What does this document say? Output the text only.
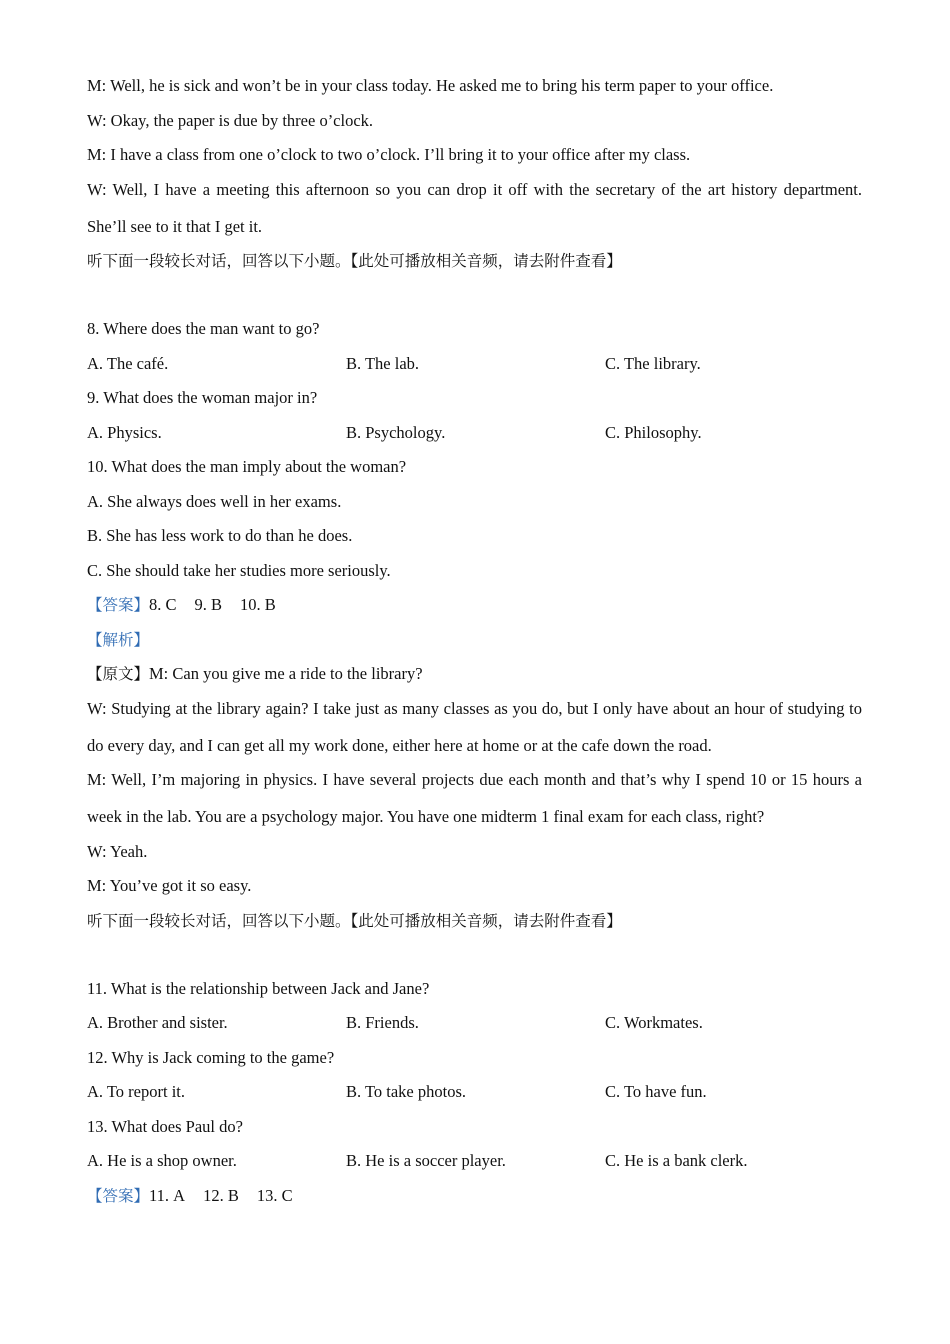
M: Well, he is sick and won’t be in your class today. He asked me to bring his term paper to your office.

W: Okay, the paper is due by three o’clock.

M: I have a class from one o’clock to two o’clock. I’ll bring it to your office after my class.

W: Well, I have a meeting this afternoon so you can drop it off with the secretary of the art history department.

She’ll see to it that I get it.

听下面一段较长对话，回答以下小题。【此处可播放相关音频，请去附件查看】

8. Where does the man want to go?

A. The café.	B. The lab.	C. The library.

9. What does the woman major in?

A. Physics.	B. Psychology.	C. Philosophy.

10. What does the man imply about the woman?

A. She always does well in her exams.

B. She has less work to do than he does.

C. She should take her studies more seriously.

【答案】8. C 9. B 10. B

【解析】

【原文】M: Can you give me a ride to the library?

W: Studying at the library again? I take just as many classes as you do, but I only have about an hour of studying to

do every day, and I can get all my work done, either here at home or at the cafe down the road.

M: Well, I’m majoring in physics. I have several projects due each month and that’s why I spend 10 or 15 hours a

week in the lab. You are a psychology major. You have one midterm 1 final exam for each class, right?

W: Yeah.

M: You’ve got it so easy.

听下面一段较长对话，回答以下小题。【此处可播放相关音频，请去附件查看】

11. What is the relationship between Jack and Jane?

A. Brother and sister.	B. Friends.	C. Workmates.

12. Why is Jack coming to the game?

A. To report it.	B. To take photos.	C. To have fun.

13. What does Paul do?

A. He is a shop owner.	B. He is a soccer player.	C. He is a bank clerk.

【答案】11. A 12. B 13. C
